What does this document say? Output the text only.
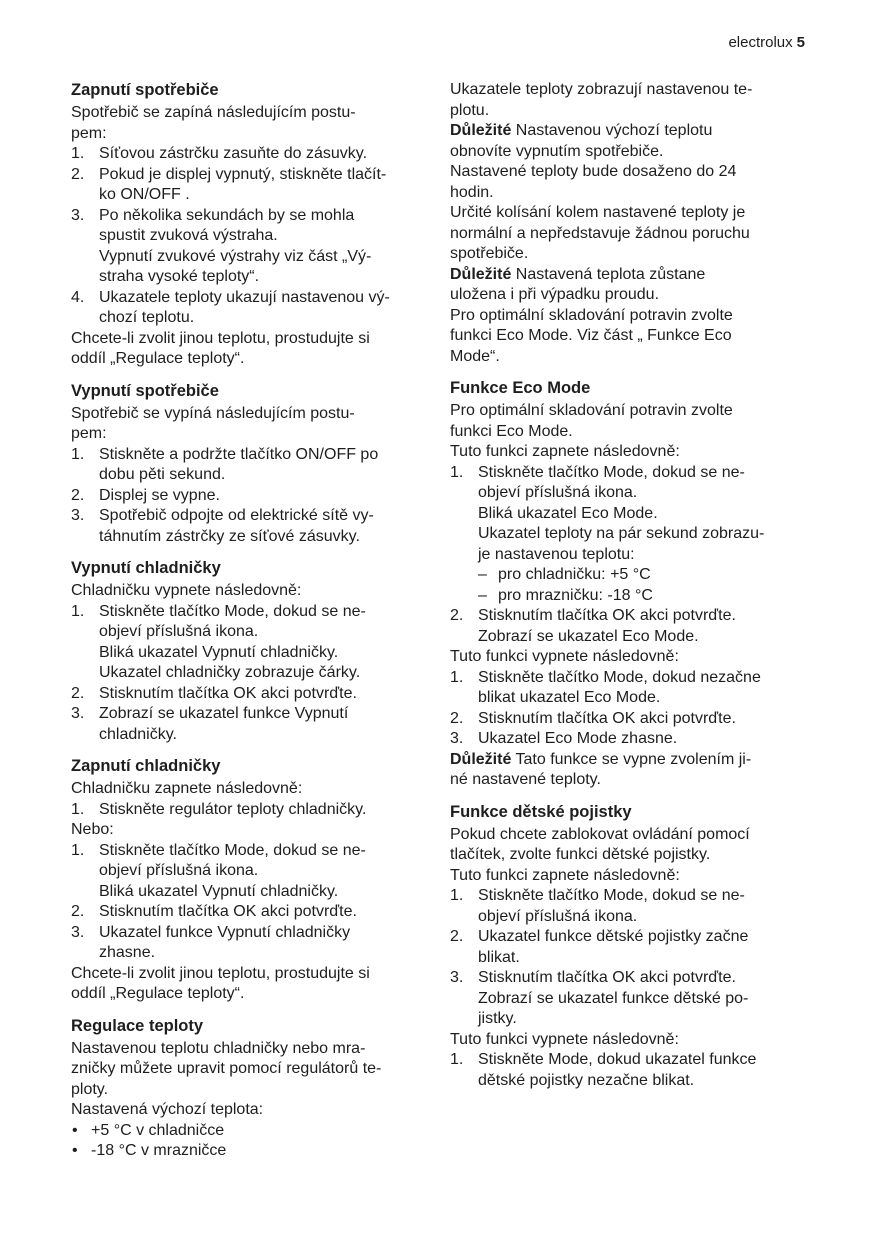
electrolux 5
Zapnutí spotřebiče
Spotřebič se zapíná následujícím postu-
pem:
1. Síťovou zástrčku zasuňte do zásuvky.
2. Pokud je displej vypnutý, stiskněte tlačít-
ko ON/OFF .
3. Po několika sekundách by se mohla
spustit zvuková výstraha.
Vypnutí zvukové výstrahy viz část „Vý-
straha vysoké teploty“.
4. Ukazatele teploty ukazují nastavenou vý-
chozí teplotu.
Chcete-li zvolit jinou teplotu, prostudujte si
oddíl „Regulace teploty“.
Vypnutí spotřebiče
Spotřebič se vypíná následujícím postu-
pem:
1. Stiskněte a podržte tlačítko ON/OFF po
dobu pěti sekund.
2. Displej se vypne.
3. Spotřebič odpojte od elektrické sítě vy-
táhnutím zástrčky ze síťové zásuvky.
Vypnutí chladničky
Chladničku vypnete následovně:
1. Stiskněte tlačítko Mode, dokud se ne-
objeví příslušná ikona.
Bliká ukazatel Vypnutí chladničky.
Ukazatel chladničky zobrazuje čárky.
2. Stisknutím tlačítka OK akci potvrďte.
3. Zobrazí se ukazatel funkce Vypnutí
chladničky.
Zapnutí chladničky
Chladničku zapnete následovně:
1. Stiskněte regulátor teploty chladničky.
Nebo:
1. Stiskněte tlačítko Mode, dokud se ne-
objeví příslušná ikona.
Bliká ukazatel Vypnutí chladničky.
2. Stisknutím tlačítka OK akci potvrďte.
3. Ukazatel funkce Vypnutí chladničky
zhasne.
Chcete-li zvolit jinou teplotu, prostudujte si
oddíl „Regulace teploty“.
Regulace teploty
Nastavenou teplotu chladničky nebo mra-
zničky můžete upravit pomocí regulátorů te-
ploty.
Nastavená výchozí teplota:
• +5 °C v chladničce
• -18 °C v mrazničce
Ukazatele teploty zobrazují nastavenou te-
plotu.
Důležité Nastavenou výchozí teplotu
obnovíte vypnutím spotřebiče.
Nastavené teploty bude dosaženo do 24
hodin.
Určité kolísání kolem nastavené teploty je
normální a nepředstavuje žádnou poruchu
spotřebiče.
Důležité Nastavená teplota zůstane
uložena i při výpadku proudu.
Pro optimální skladování potravin zvolte
funkci Eco Mode. Viz část „ Funkce Eco
Mode“.
Funkce Eco Mode
Pro optimální skladování potravin zvolte
funkci Eco Mode.
Tuto funkci zapnete následovně:
1. Stiskněte tlačítko Mode, dokud se ne-
objeví příslušná ikona.
Bliká ukazatel Eco Mode.
Ukazatel teploty na pár sekund zobrazu-
je nastavenou teplotu:
– pro chladničku: +5 °C
– pro mrazničku: -18 °C
2. Stisknutím tlačítka OK akci potvrďte.
Zobrazí se ukazatel Eco Mode.
Tuto funkci vypnete následovně:
1. Stiskněte tlačítko Mode, dokud nezačne
blikat ukazatel Eco Mode.
2. Stisknutím tlačítka OK akci potvrďte.
3. Ukazatel Eco Mode zhasne.
Důležité Tato funkce se vypne zvolením ji-
né nastavené teploty.
Funkce dětské pojistky
Pokud chcete zablokovat ovládání pomocí
tlačítek, zvolte funkci dětské pojistky.
Tuto funkci zapnete následovně:
1. Stiskněte tlačítko Mode, dokud se ne-
objeví příslušná ikona.
2. Ukazatel funkce dětské pojistky začne
blikat.
3. Stisknutím tlačítka OK akci potvrďte.
Zobrazí se ukazatel funkce dětské po-
jistky.
Tuto funkci vypnete následovně:
1. Stiskněte Mode, dokud ukazatel funkce
dětské pojistky nezačne blikat.
